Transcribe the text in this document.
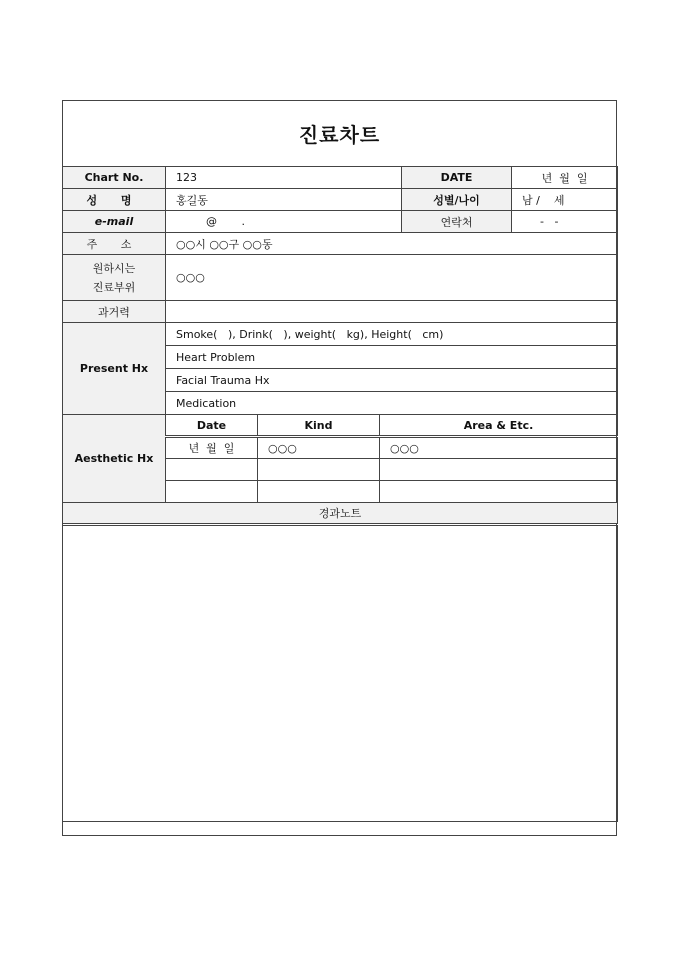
진료차트
Chart No.	123			DATE	년  월  일
성 명	홍길동			성별/나이	남 /    세
e-mail	@       .			연락처	-   -
주 소	○○시 ○○구 ○○동				

원하시는
진료부위	○○○				
과거력					
Present Hx	Smoke(   ), Drink(   ), weight(   kg), Height(   cm)				
	Heart Problem				
	Facial Trauma Hx				
	Medication				
Aesthetic Hx	Date	Kind	Area & Etc.		
	년  월  일	○○○	○○○		

경과노트					
